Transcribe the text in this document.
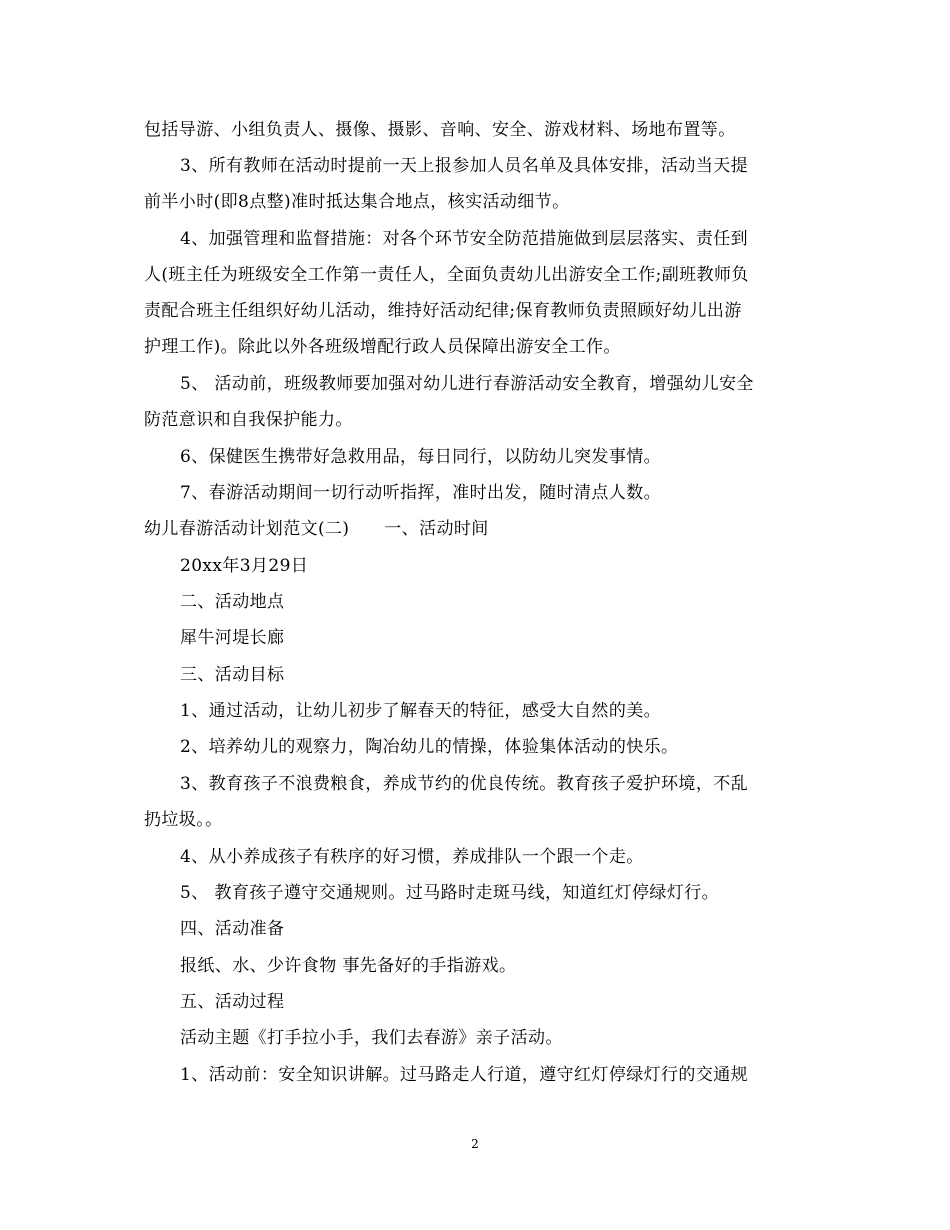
包括导游、小组负责人、摄像、摄影、音响、安全、游戏材料、场地布置等。
3、所有教师在活动时提前一天上报参加人员名单及具体安排，活动当天提
前半小时(即8点整)准时抵达集合地点，核实活动细节。
4、加强管理和监督措施：对各个环节安全防范措施做到层层落实、责任到
人(班主任为班级安全工作第一责任人，全面负责幼儿出游安全工作;副班教师负
责配合班主任组织好幼儿活动，维持好活动纪律;保育教师负责照顾好幼儿出游
护理工作)。除此以外各班级增配行政人员保障出游安全工作。
5、 活动前，班级教师要加强对幼儿进行春游活动安全教育，增强幼儿安全
防范意识和自我保护能力。
6、保健医生携带好急救用品，每日同行，以防幼儿突发事情。
7、春游活动期间一切行动听指挥，准时出发，随时清点人数。
幼儿春游活动计划范文(二)　　一、活动时间
20xx年3月29日
二、活动地点
犀牛河堤长廊
三、活动目标
1、通过活动，让幼儿初步了解春天的特征，感受大自然的美。
2、培养幼儿的观察力，陶冶幼儿的情操，体验集体活动的快乐。
3、教育孩子不浪费粮食，养成节约的优良传统。教育孩子爱护环境，不乱
扔垃圾。。
4、从小养成孩子有秩序的好习惯，养成排队一个跟一个走。
5、 教育孩子遵守交通规则。过马路时走斑马线，知道红灯停绿灯行。
四、活动准备
报纸、水、少许食物 事先备好的手指游戏。
五、活动过程
活动主题《打手拉小手，我们去春游》亲子活动。
1、活动前：安全知识讲解。过马路走人行道，遵守红灯停绿灯行的交通规
2
